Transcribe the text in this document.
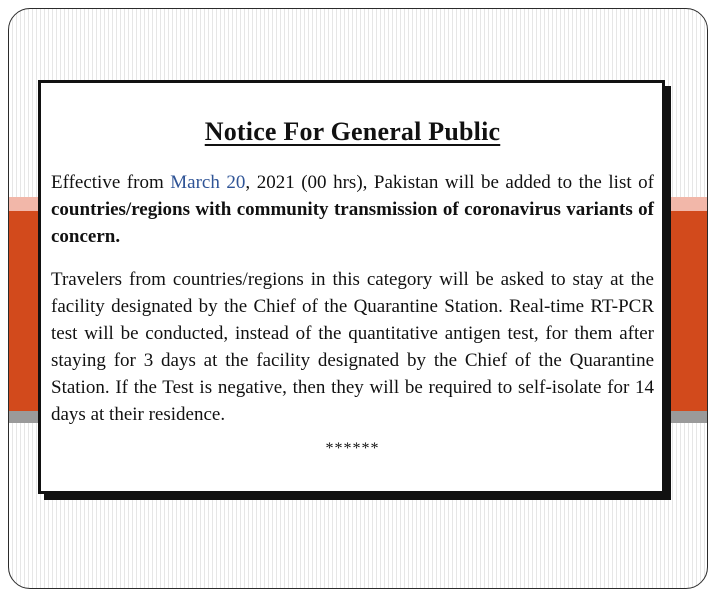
Notice For General Public

Effective from March 20, 2021 (00 hrs), Pakistan will be added to the list of countries/regions with community transmission of coronavirus variants of concern.

Travelers from countries/regions in this category will be asked to stay at the facility designated by the Chief of the Quarantine Station. Real-time RT-PCR test will be conducted, instead of the quantitative antigen test, for them after staying for 3 days at the facility designated by the Chief of the Quarantine Station. If the Test is negative, then they will be required to self-isolate for 14 days at their residence.

******
